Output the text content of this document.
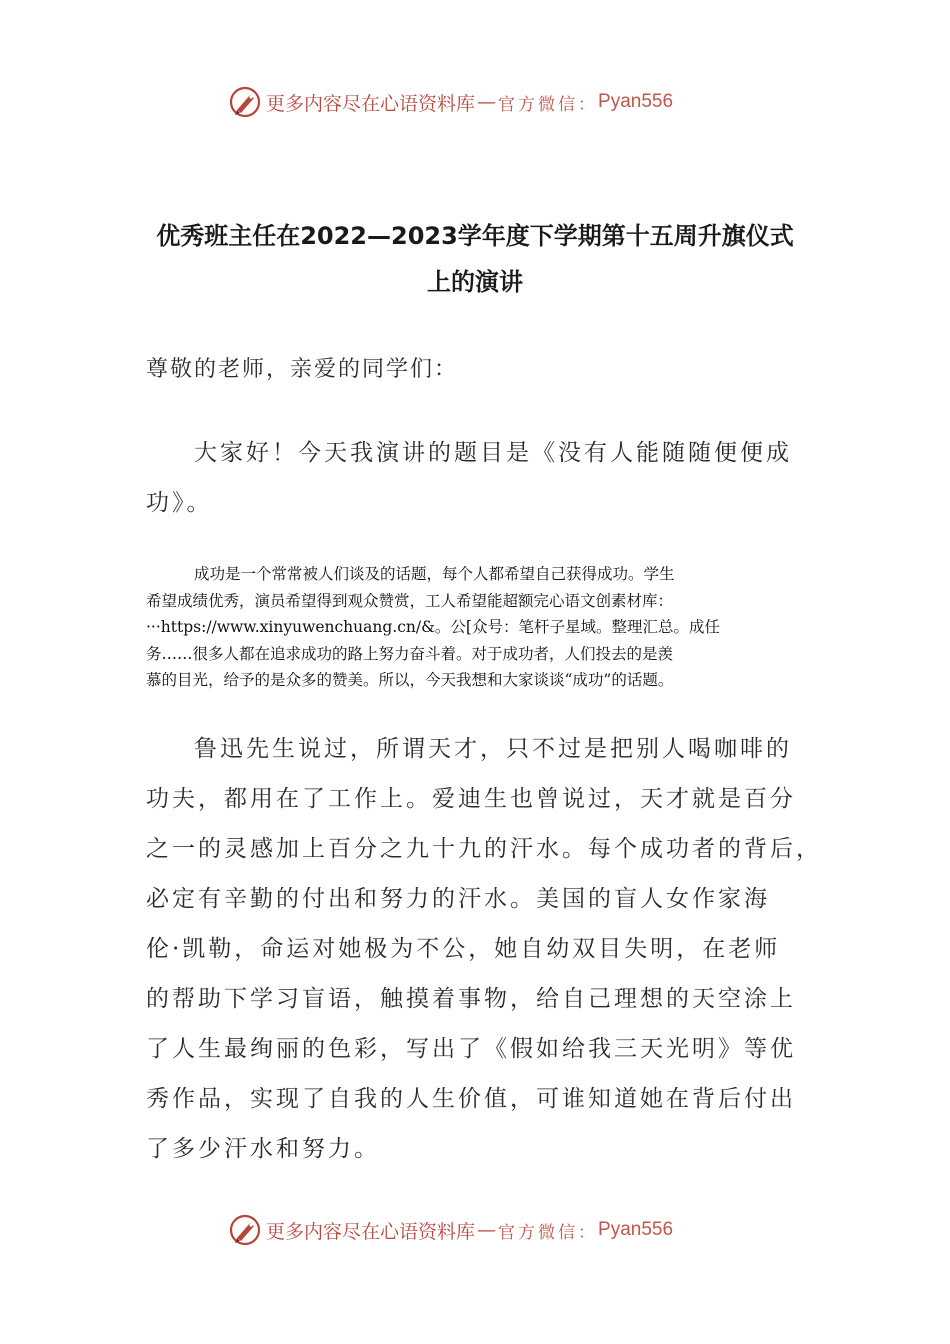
更多内容尽在心语资料库 — 官方微信： Pyan556
优秀班主任在2022—2023学年度下学期第十五周升旗仪式
上的演讲
尊敬的老师，亲爱的同学们：
大家好！今天我演讲的题目是《没有人能随随便便成
功》。
成功是一个常常被人们谈及的话题，每个人都希望自己获得成功。学生
希望成绩优秀，演员希望得到观众赞赏，工人希望能超额完心语文创素材库：
···https://www.xinyuwenchuang.cn/&。公[众号：笔杆子星域。整理汇总。成任
务……很多人都在追求成功的路上努力奋斗着。对于成功者，人们投去的是羡
慕的目光，给予的是众多的赞美。所以，今天我想和大家谈谈“成功”的话题。
鲁迅先生说过，所谓天才，只不过是把别人喝咖啡的
功夫，都用在了工作上。爱迪生也曾说过，天才就是百分
之一的灵感加上百分之九十九的汗水。每个成功者的背后，
必定有辛勤的付出和努力的汗水。美国的盲人女作家海
伦·凯勒，命运对她极为不公，她自幼双目失明，在老师
的帮助下学习盲语，触摸着事物，给自己理想的天空涂上
了人生最绚丽的色彩，写出了《假如给我三天光明》等优
秀作品，实现了自我的人生价值，可谁知道她在背后付出
了多少汗水和努力。
更多内容尽在心语资料库 — 官方微信： Pyan556
